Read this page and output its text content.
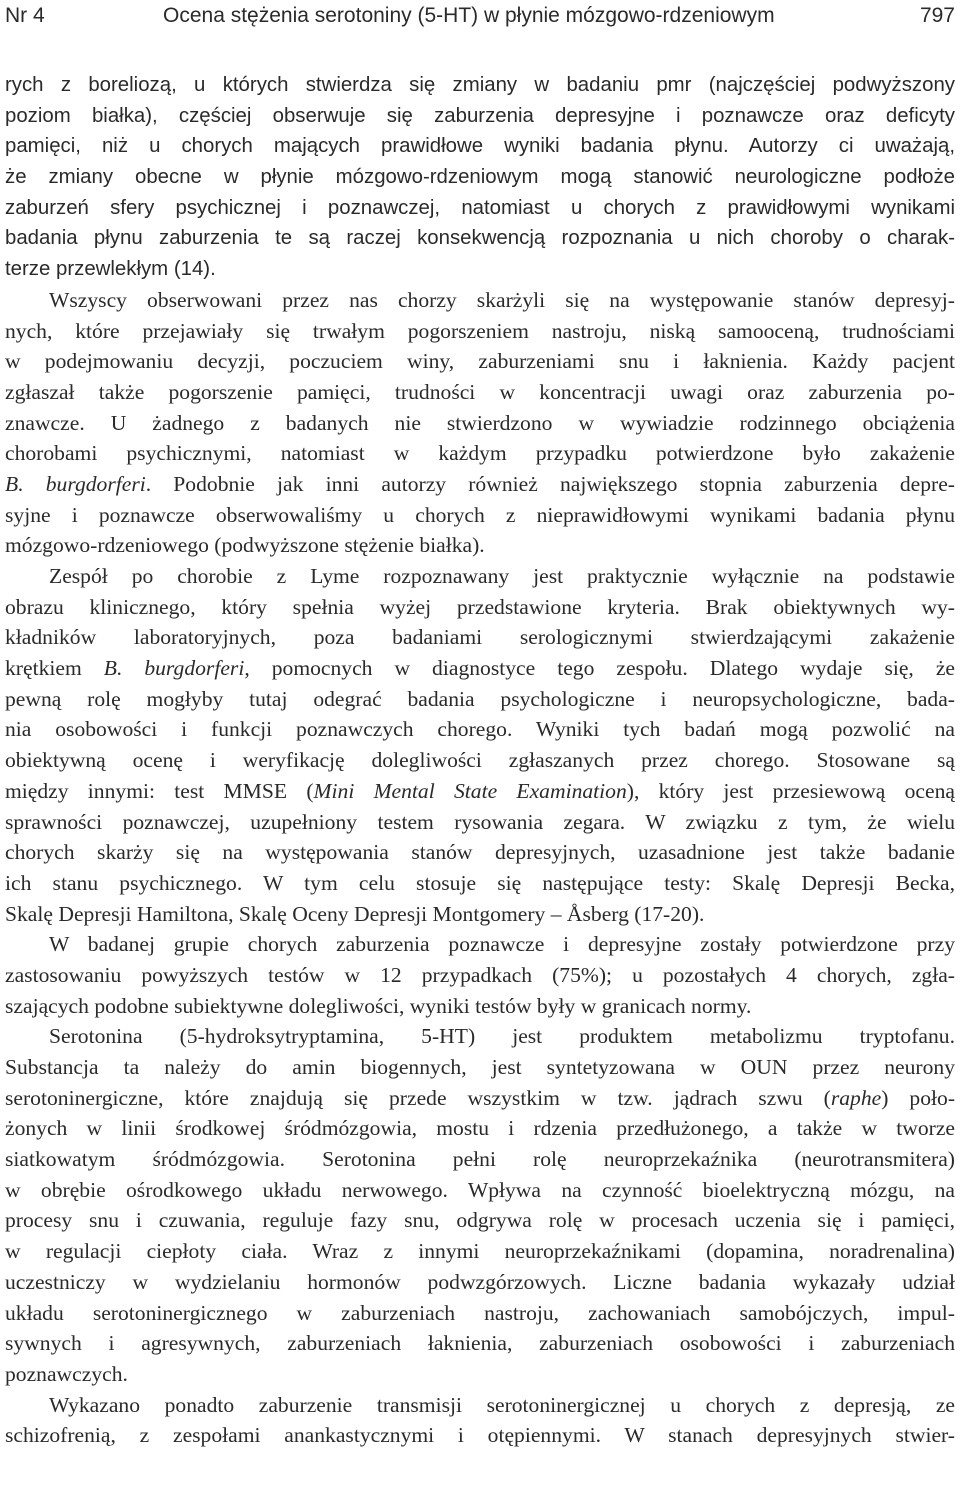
Nr 4	Ocena stężenia serotoniny (5-HT) w płynie mózgowo-rdzeniowym	797
rych z boreliozą, u których stwierdza się zmiany w badaniu pmr (najczęściej podwyższony
poziom białka), częściej obserwuje się zaburzenia depresyjne i poznawcze oraz deficyty
pamięci, niż u chorych mających prawidłowe wyniki badania płynu. Autorzy ci uważają,
że zmiany obecne w płynie mózgowo-rdzeniowym mogą stanowić neurologiczne podłoże
zaburzeń sfery psychicznej i poznawczej, natomiast u chorych z prawidłowymi wynikami
badania płynu zaburzenia te są raczej konsekwencją rozpoznania u nich choroby o charak-
terze przewlekłym (14).
Wszyscy obserwowani przez nas chorzy skarżyli się na występowanie stanów depresyj-
nych, które przejawiały się trwałym pogorszeniem nastroju, niską samooceną, trudnościami
w podejmowaniu decyzji, poczuciem winy, zaburzeniami snu i łaknienia. Każdy pacjent
zgłaszał także pogorszenie pamięci, trudności w koncentracji uwagi oraz zaburzenia po-
znawcze. U żadnego z badanych nie stwierdzono w wywiadzie rodzinnego obciążenia
chorobami psychicznymi, natomiast w każdym przypadku potwierdzone było zakażenie
B. burgdorferi. Podobnie jak inni autorzy również największego stopnia zaburzenia depre-
syjne i poznawcze obserwowaliśmy u chorych z nieprawidłowymi wynikami badania płynu
mózgowo-rdzeniowego (podwyższone stężenie białka).
Zespół po chorobie z Lyme rozpoznawany jest praktycznie wyłącznie na podstawie
obrazu klinicznego, który spełnia wyżej przedstawione kryteria. Brak obiektywnych wy-
kładników laboratoryjnych, poza badaniami serologicznymi stwierdzającymi zakażenie
krętkiem B. burgdorferi, pomocnych w diagnostyce tego zespołu. Dlatego wydaje się, że
pewną rolę mogłyby tutaj odegrać badania psychologiczne i neuropsychologiczne, bada-
nia osobowości i funkcji poznawczych chorego. Wyniki tych badań mogą pozwolić na
obiektywną ocenę i weryfikację dolegliwości zgłaszanych przez chorego. Stosowane są
między innymi: test MMSE (Mini Mental State Examination), który jest przesiewową oceną
sprawności poznawczej, uzupełniony testem rysowania zegara. W związku z tym, że wielu
chorych skarży się na występowania stanów depresyjnych, uzasadnione jest także badanie
ich stanu psychicznego. W tym celu stosuje się następujące testy: Skalę Depresji Becka,
Skalę Depresji Hamiltona, Skalę Oceny Depresji Montgomery – Åsberg (17-20).
W badanej grupie chorych zaburzenia poznawcze i depresyjne zostały potwierdzone przy
zastosowaniu powyższych testów w 12 przypadkach (75%); u pozostałych 4 chorych, zgła-
szających podobne subiektywne dolegliwości, wyniki testów były w granicach normy.
Serotonina (5-hydroksytryptamina, 5-HT) jest produktem metabolizmu tryptofanu.
Substancja ta należy do amin biogennych, jest syntetyzowana w OUN przez neurony
serotoninergiczne, które znajdują się przede wszystkim w tzw. jądrach szwu (raphe) poło-
żonych w linii środkowej śródmózgowia, mostu i rdzenia przedłużonego, a także w tworze
siatkowatym śródmózgowia. Serotonina pełni rolę neuroprzekaźnika (neurotransmitera)
w obrębie ośrodkowego układu nerwowego. Wpływa na czynność bioelektryczną mózgu, na
procesy snu i czuwania, reguluje fazy snu, odgrywa rolę w procesach uczenia się i pamięci,
w regulacji ciepłoty ciała. Wraz z innymi neuroprzekaźnikami (dopamina, noradrenalina)
uczestniczy w wydzielaniu hormonów podwzgórzowych. Liczne badania wykazały udział
układu serotoninergicznego w zaburzeniach nastroju, zachowaniach samobójczych, impul-
sywnych i agresywnych, zaburzeniach łaknienia, zaburzeniach osobowości i zaburzeniach
poznawczych.
Wykazano ponadto zaburzenie transmisji serotoninergicznej u chorych z depresją, ze
schizofrenią, z zespołami anankastycznymi i otępiennymi. W stanach depresyjnych stwier-
